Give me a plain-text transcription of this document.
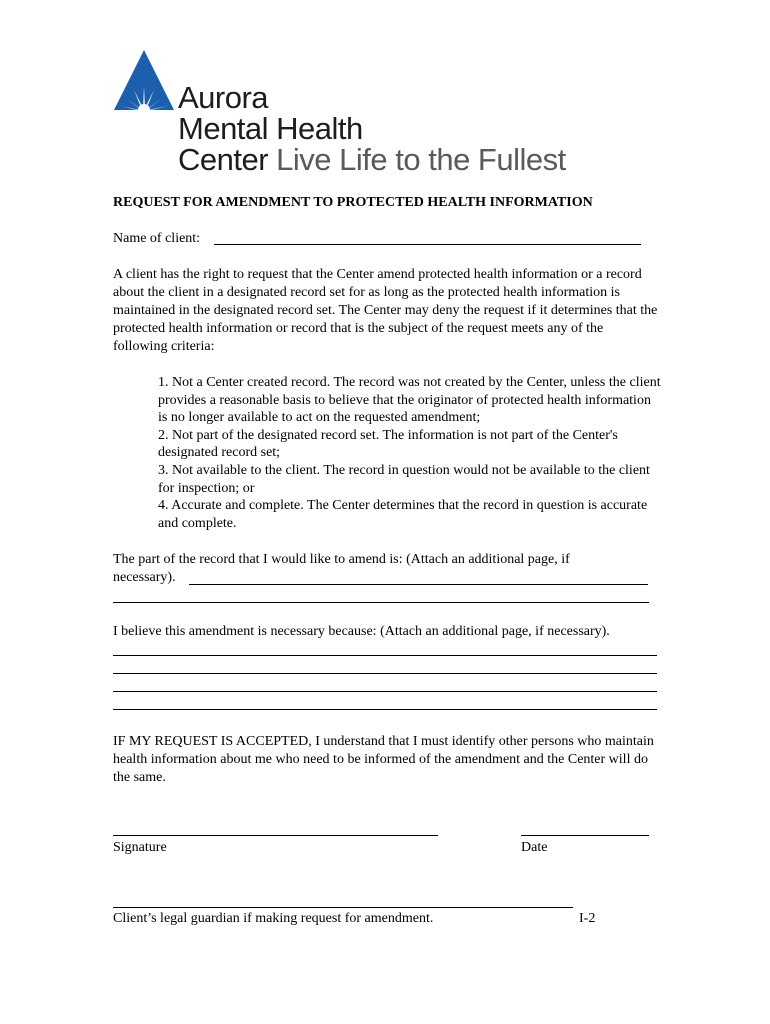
Aurora
Mental Health
Center Live Life to the Fullest
REQUEST FOR AMENDMENT TO PROTECTED HEALTH INFORMATION
Name of client:
A client has the right to request that the Center amend protected health information or a record about the client in a designated record set for as long as the protected health information is maintained in the designated record set. The Center may deny the request if it determines that the protected health information or record that is the subject of the request meets any of the following criteria:
1. Not a Center created record. The record was not created by the Center, unless the client provides a reasonable basis to believe that the originator of protected health information is no longer available to act on the requested amendment;
2. Not part of the designated record set. The information is not part of the Center's designated record set;
3. Not available to the client. The record in question would not be available to the client for inspection; or
4. Accurate and complete. The Center determines that the record in question is accurate and complete.
The part of the record that I would like to amend is: (Attach an additional page, if
necessary).
I believe this amendment is necessary because: (Attach an additional page, if necessary).
IF MY REQUEST IS ACCEPTED, I understand that I must identify other persons who maintain health information about me who need to be informed of the amendment and the Center will do the same.
Signature	Date
Client’s legal guardian if making request for amendment.	I-2
